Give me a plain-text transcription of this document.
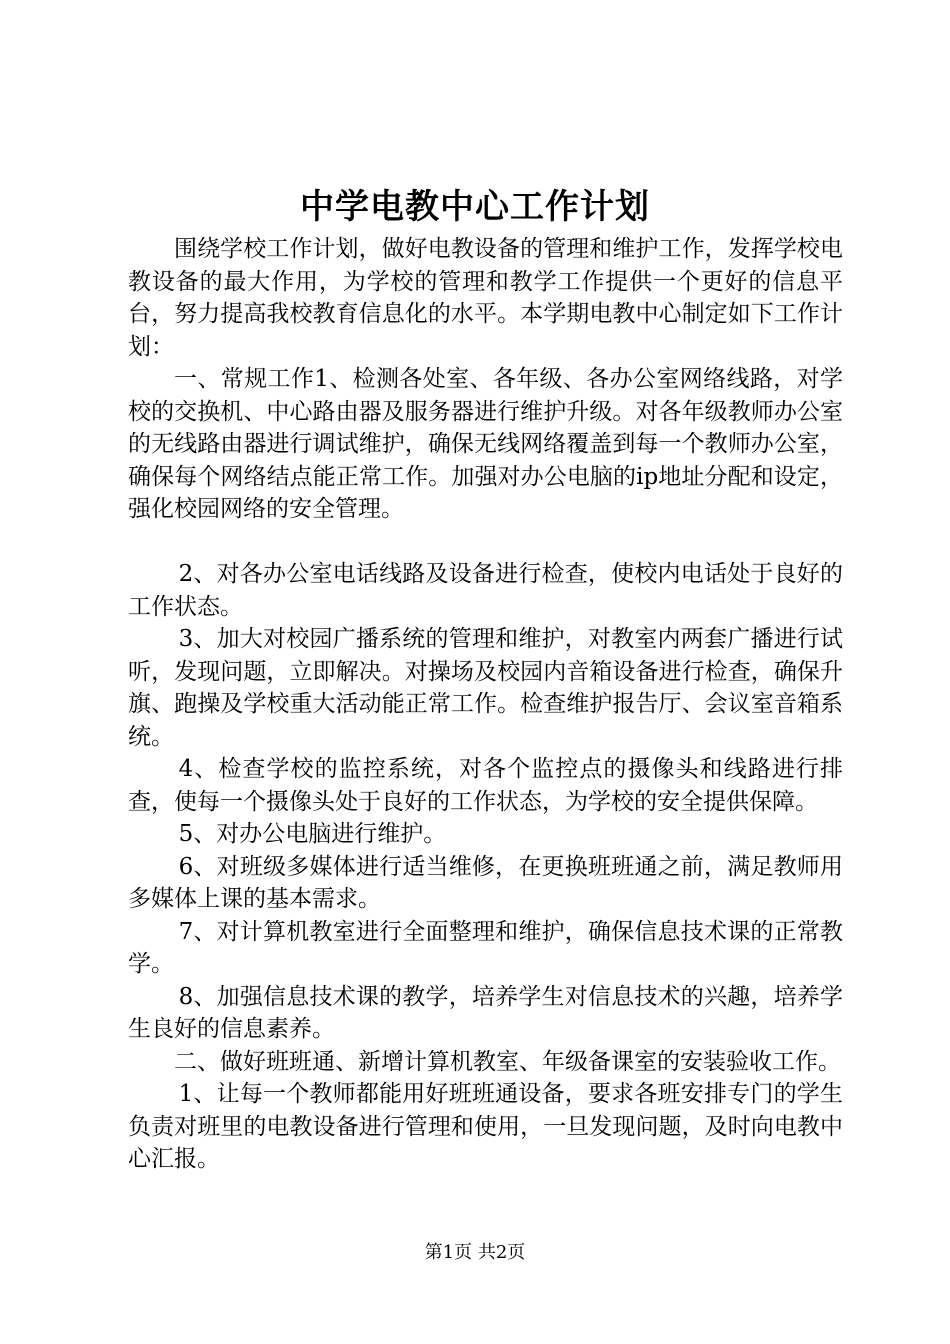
中学电教中心工作计划

围绕学校工作计划，做好电教设备的管理和维护工作，发挥学校电教设备的最大作用，为学校的管理和教学工作提供一个更好的信息平台，努力提高我校教育信息化的水平。本学期电教中心制定如下工作计划：

一、常规工作1、检测各处室、各年级、各办公室网络线路，对学校的交换机、中心路由器及服务器进行维护升级。对各年级教师办公室的无线路由器进行调试维护，确保无线网络覆盖到每一个教师办公室，确保每个网络结点能正常工作。加强对办公电脑的ip地址分配和设定，强化校园网络的安全管理。

2、对各办公室电话线路及设备进行检查，使校内电话处于良好的工作状态。

3、加大对校园广播系统的管理和维护，对教室内两套广播进行试听，发现问题，立即解决。对操场及校园内音箱设备进行检查，确保升旗、跑操及学校重大活动能正常工作。检查维护报告厅、会议室音箱系统。

4、检查学校的监控系统，对各个监控点的摄像头和线路进行排查，使每一个摄像头处于良好的工作状态，为学校的安全提供保障。

5、对办公电脑进行维护。

6、对班级多媒体进行适当维修，在更换班班通之前，满足教师用多媒体上课的基本需求。

7、对计算机教室进行全面整理和维护，确保信息技术课的正常教学。

8、加强信息技术课的教学，培养学生对信息技术的兴趣，培养学生良好的信息素养。

二、做好班班通、新增计算机教室、年级备课室的安装验收工作。

1、让每一个教师都能用好班班通设备，要求各班安排专门的学生负责对班里的电教设备进行管理和使用，一旦发现问题，及时向电教中心汇报。

第1页 共2页
